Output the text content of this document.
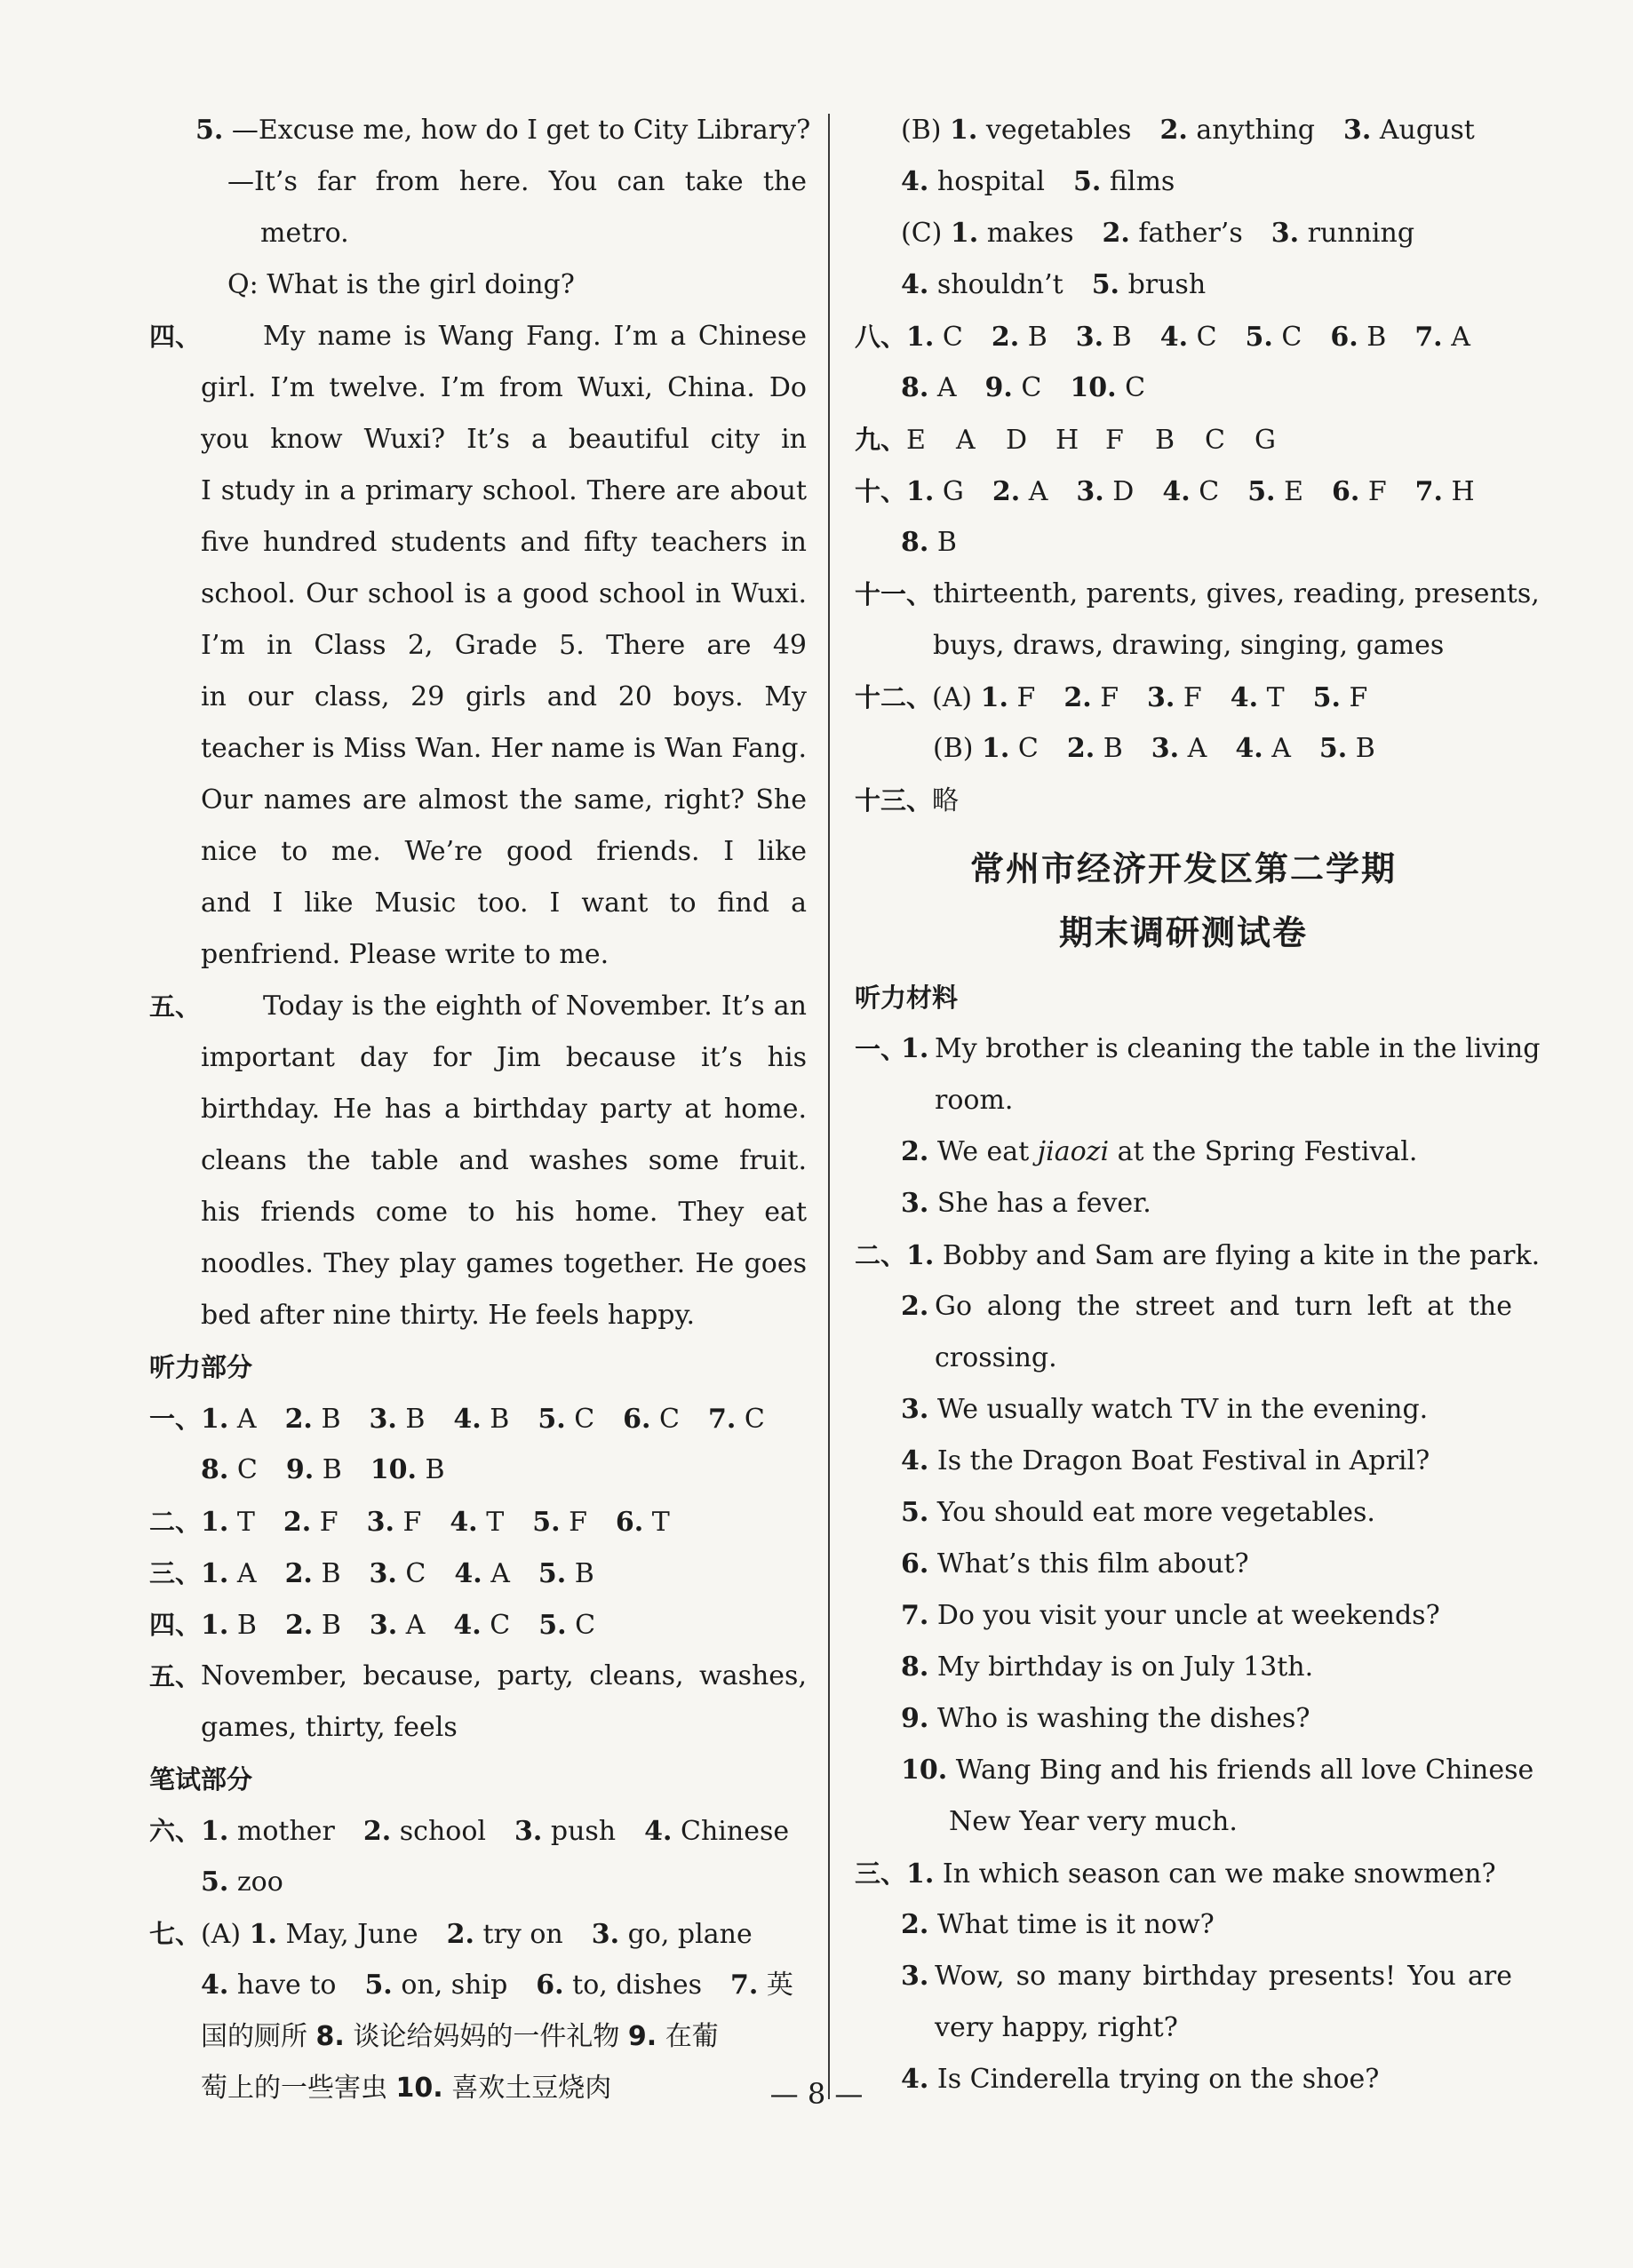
5. —Excuse me, how do I get to City Library?
—It’s far from here. You can take the
metro.
Q: What is the girl doing?
四、 My name is Wang Fang. I’m a Chinese
girl. I’m twelve. I’m from Wuxi, China. Do
you know Wuxi? It’s a beautiful city in
I study in a primary school. There are about
five hundred students and fifty teachers in
school. Our school is a good school in Wuxi.
I’m in Class 2, Grade 5. There are 49
in our class, 29 girls and 20 boys. My
teacher is Miss Wan. Her name is Wan Fang.
Our names are almost the same, right? She
nice to me. We’re good friends. I like
and I like Music too. I want to find a
penfriend. Please write to me.
五、 Today is the eighth of November. It’s an
important day for Jim because it’s his
birthday. He has a birthday party at home.
cleans the table and washes some fruit.
his friends come to his home. They eat
noodles. They play games together. He goes
bed after nine thirty. He feels happy.
听力部分
一、1. A 2. B 3. B 4. B 5. C 6. C 7. C
8. C 9. B 10. B
二、1. T 2. F 3. F 4. T 5. F 6. T
三、1. A 2. B 3. C 4. A 5. B
四、1. B 2. B 3. A 4. C 5. C
五、 November, because, party, cleans, washes,
games, thirty, feels
笔试部分
六、1. mother 2. school 3. push 4. Chinese
5. zoo
七、(A) 1. May, June 2. try on 3. go, plane
4. have to 5. on, ship 6. to, dishes 7. 英
国的厕所 8. 谈论给妈妈的一件礼物 9. 在葡
萄上的一些害虫 10. 喜欢土豆烧肉
(B) 1. vegetables 2. anything 3. August
4. hospital 5. films
(C) 1. makes 2. father’s 3. running
4. shouldn’t 5. brush
八、1. C 2. B 3. B 4. C 5. C 6. B 7. A
8. A 9. C 10. C
九、E A D H F B C G
十、1. G 2. A 3. D 4. C 5. E 6. F 7. H
8. B
十一、 thirteenth, parents, gives, reading, presents,
buys, draws, drawing, singing, games
十二、(A) 1. F 2. F 3. F 4. T 5. F
(B) 1. C 2. B 3. A 4. A 5. B
十三、略
常州市经济开发区第二学期
期末调研测试卷
听力材料
一、
1. My brother is cleaning the table in the living
room.
2. We eat jiaozi at the Spring Festival.
3. She has a fever.
二、1. Bobby and Sam are flying a kite in the park.
2. Go along the street and turn left at the
crossing.
3. We usually watch TV in the evening.
4. Is the Dragon Boat Festival in April?
5. You should eat more vegetables.
6. What’s this film about?
7. Do you visit your uncle at weekends?
8. My birthday is on July 13th.
9. Who is washing the dishes?
10. Wang Bing and his friends all love Chinese
New Year very much.
三、1. In which season can we make snowmen?
2. What time is it now?
3. Wow, so many birthday presents! You are
very happy, right?
4. Is Cinderella trying on the shoe?
— 8 —
